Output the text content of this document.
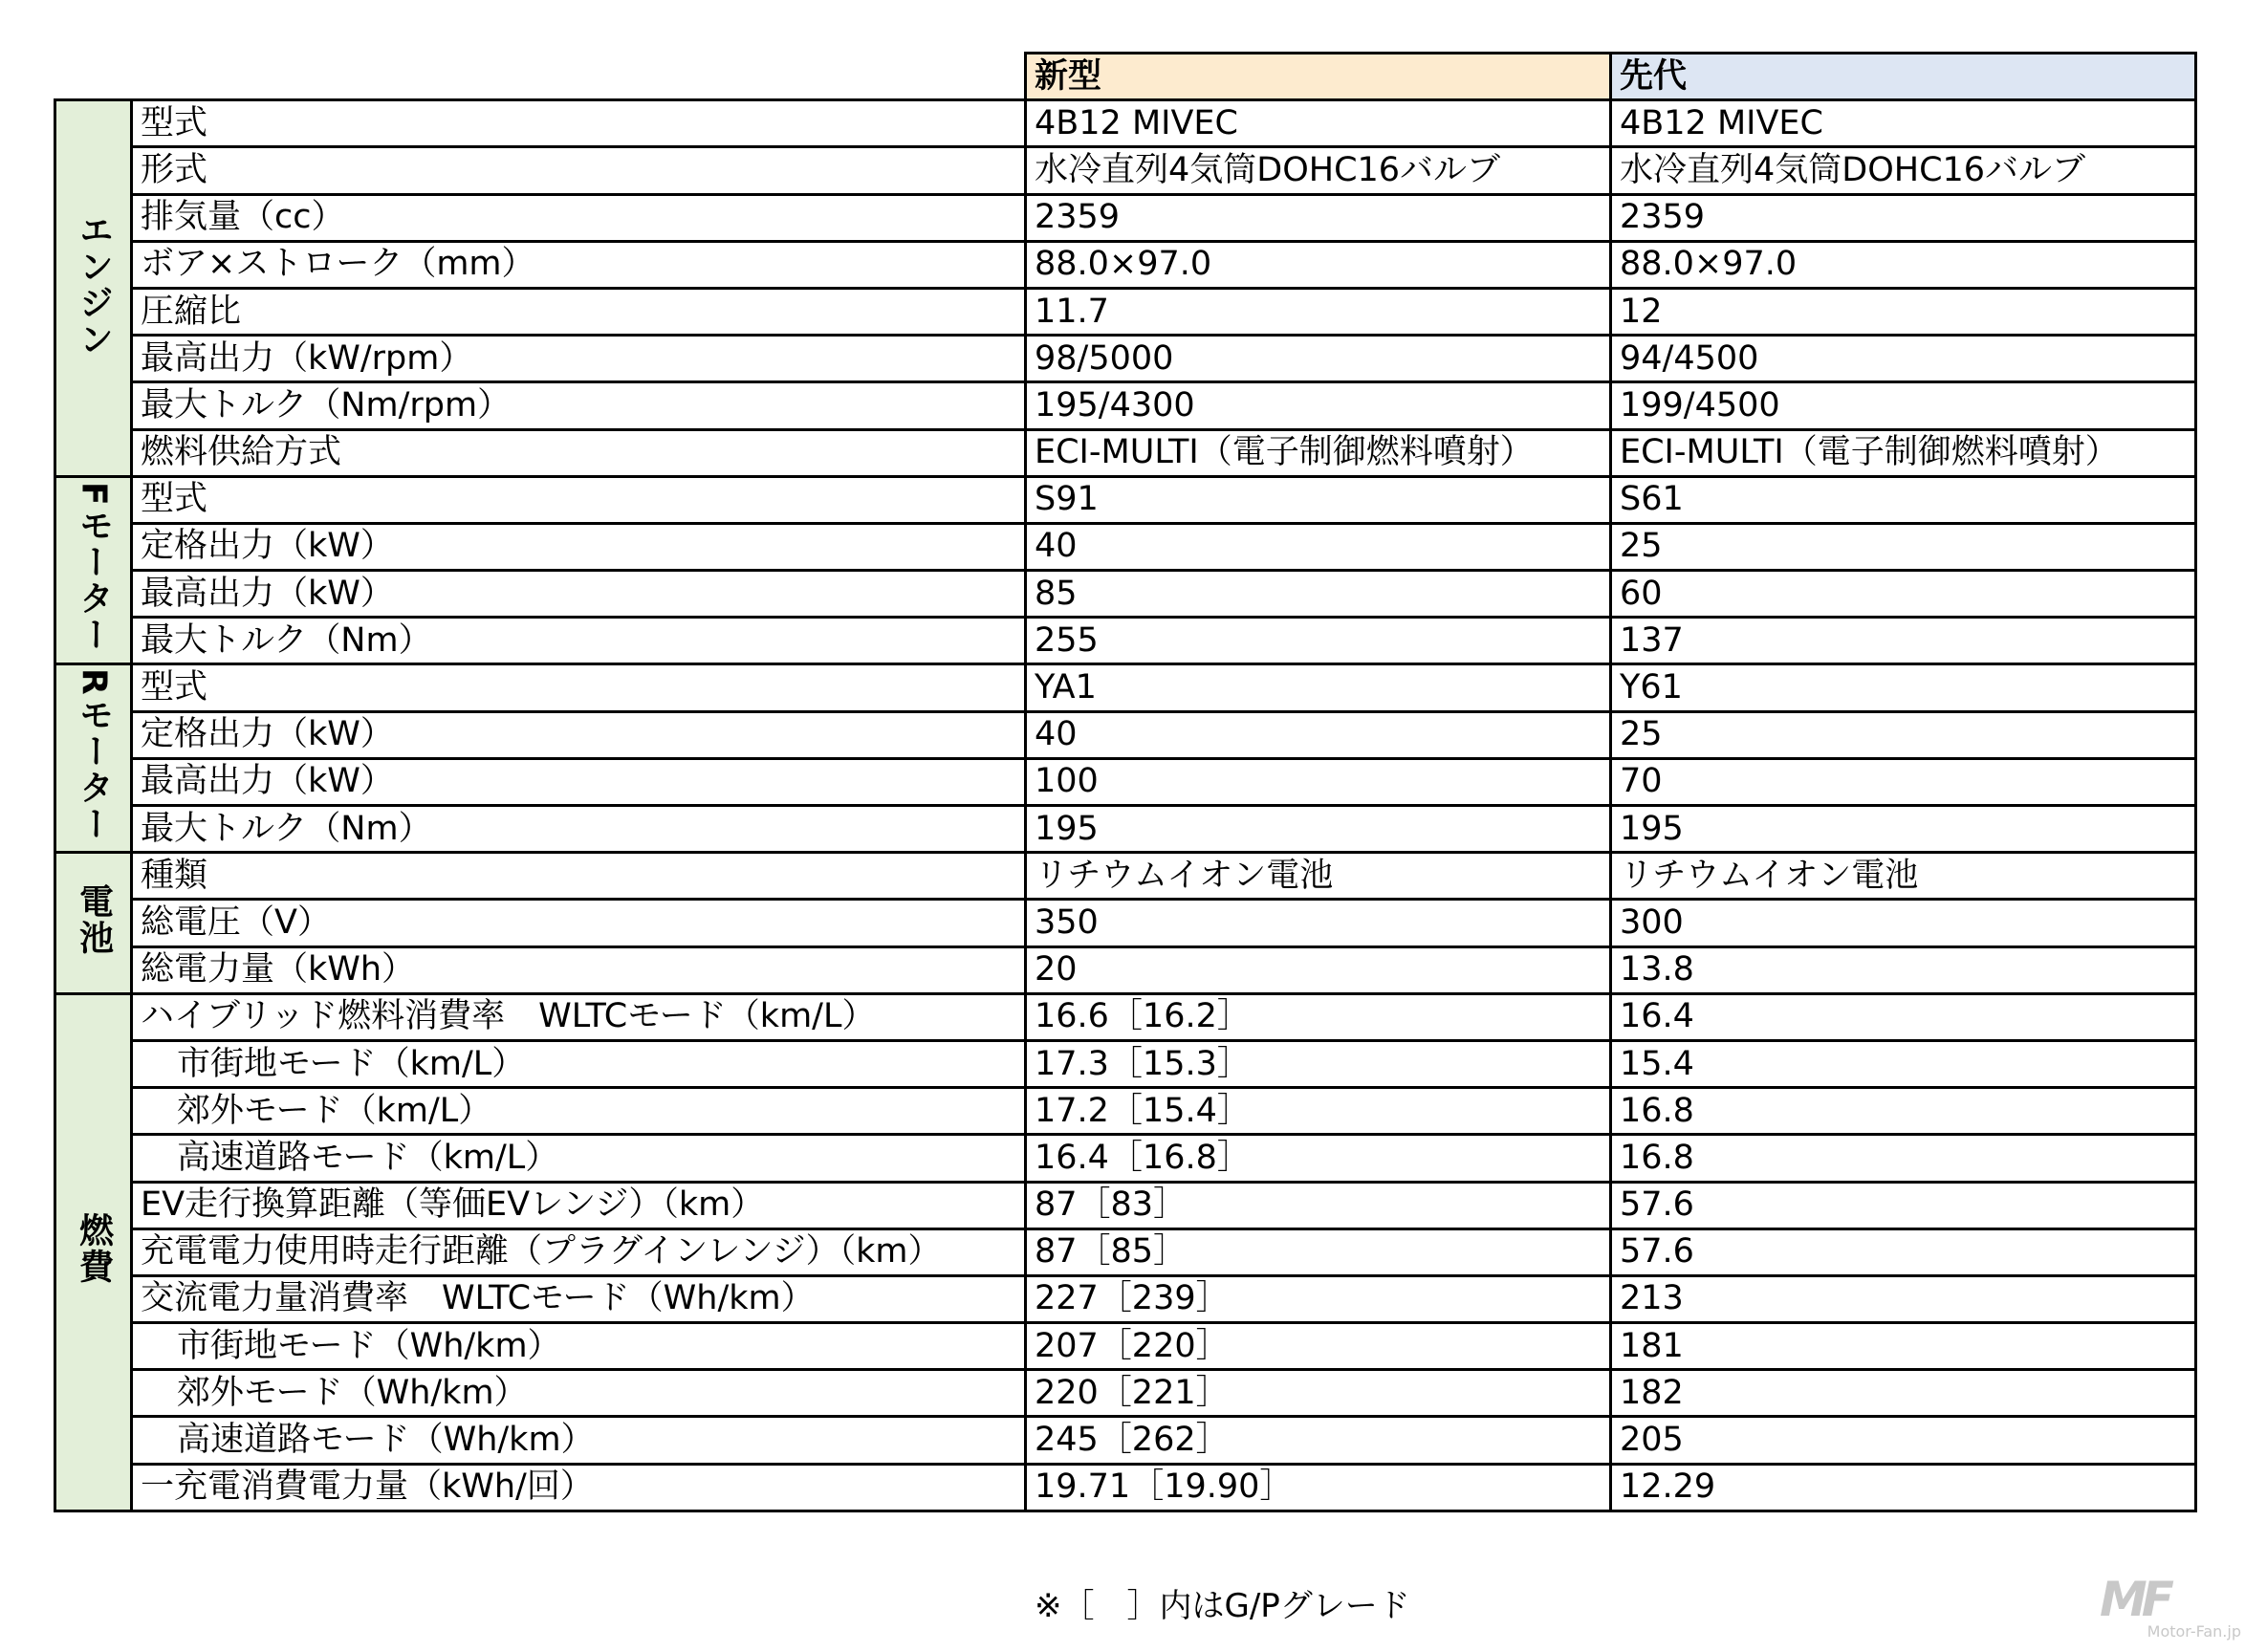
		新型	先代
エンジン	型式	4B12 MIVEC	4B12 MIVEC
	形式	水冷直列4気筒DOHC16バルブ	水冷直列4気筒DOHC16バルブ
	排気量（cc）	2359	2359
	ボア×ストローク（mm）	88.0×97.0	88.0×97.0
	圧縮比	11.7	12
	最高出力（kW/rpm）	98/5000	94/4500
	最大トルク（Nm/rpm）	195/4300	199/4500
	燃料供給方式	ECI-MULTI（電子制御燃料噴射）	ECI-MULTI（電子制御燃料噴射）
Fモーター	型式	S91	S61
	定格出力（kW）	40	25
	最高出力（kW）	85	60
	最大トルク（Nm）	255	137
Rモーター	型式	YA1	Y61
	定格出力（kW）	40	25
	最高出力（kW）	100	70
	最大トルク（Nm）	195	195
電池	種類	リチウムイオン電池	リチウムイオン電池
	総電圧（V）	350	300
	総電力量（kWh）	20	13.8
燃費	ハイブリッド燃料消費率　WLTCモード（km/L）	16.6［16.2］	16.4
	市街地モード（km/L）	17.3［15.3］	15.4
	郊外モード（km/L）	17.2［15.4］	16.8
	高速道路モード（km/L）	16.4［16.8］	16.8
	EV走行換算距離（等価EVレンジ）（km）	87［83］	57.6
	充電電力使用時走行距離（プラグインレンジ）（km）	87［85］	57.6
	交流電力量消費率　WLTCモード（Wh/km）	227［239］	213
	市街地モード（Wh/km）	207［220］	181
	郊外モード（Wh/km）	220［221］	182
	高速道路モード（Wh/km）	245［262］	205
	一充電消費電力量（kWh/回）	19.71［19.90］	12.29
※［　］内はG/Pグレード	MF
Motor-Fan.jp
